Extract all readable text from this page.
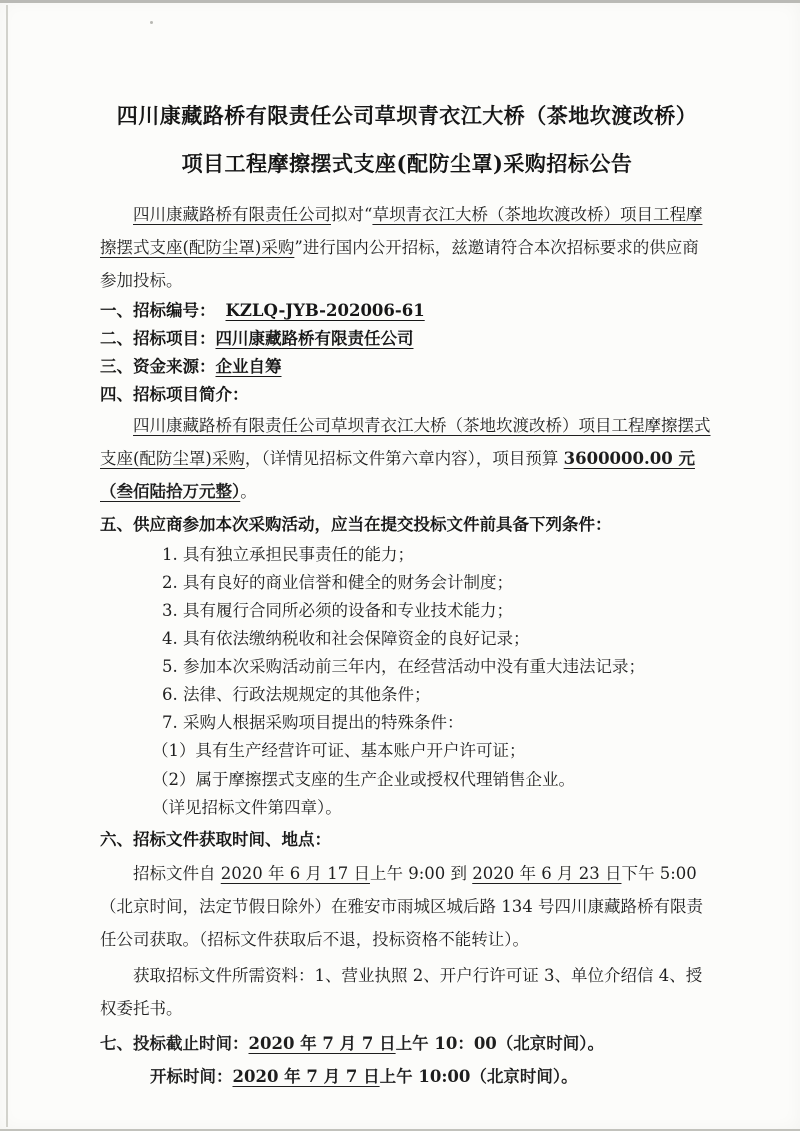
四川康藏路桥有限责任公司草坝青衣江大桥（茶地坎渡改桥）
项目工程摩擦摆式支座(配防尘罩)采购招标公告

四川康藏路桥有限责任公司拟对“草坝青衣江大桥（茶地坎渡改桥）项目工程摩擦摆式支座(配防尘罩)采购”进行国内公开招标，兹邀请符合本次招标要求的供应商参加投标。

一、招标编号： KZLQ-JYB-202006-61
二、招标项目：四川康藏路桥有限责任公司
三、资金来源：企业自筹
四、招标项目简介：

四川康藏路桥有限责任公司草坝青衣江大桥（茶地坎渡改桥）项目工程摩擦摆式支座(配防尘罩)采购，（详情见招标文件第六章内容），项目预算 3600000.00 元（叁佰陆拾万元整）。

五、供应商参加本次采购活动，应当在提交投标文件前具备下列条件：
1. 具有独立承担民事责任的能力；
2. 具有良好的商业信誉和健全的财务会计制度；
3. 具有履行合同所必须的设备和专业技术能力；
4. 具有依法缴纳税收和社会保障资金的良好记录；
5. 参加本次采购活动前三年内，在经营活动中没有重大违法记录；
6. 法律、行政法规规定的其他条件；
7. 采购人根据采购项目提出的特殊条件：
（1）具有生产经营许可证、基本账户开户许可证；
（2）属于摩擦摆式支座的生产企业或授权代理销售企业。
（详见招标文件第四章）。
六、招标文件获取时间、地点：

招标文件自 2020 年 6 月 17 日上午 9:00 到 2020 年 6 月 23 日下午 5:00（北京时间，法定节假日除外）在雅安市雨城区城后路 134 号四川康藏路桥有限责任公司获取。（招标文件获取后不退，投标资格不能转让）。

获取招标文件所需资料：1、营业执照 2、开户行许可证 3、单位介绍信 4、授权委托书。

七、投标截止时间：2020 年 7 月 7 日上午 10：00（北京时间）。
开标时间：2020 年 7 月 7 日上午 10:00（北京时间）。
